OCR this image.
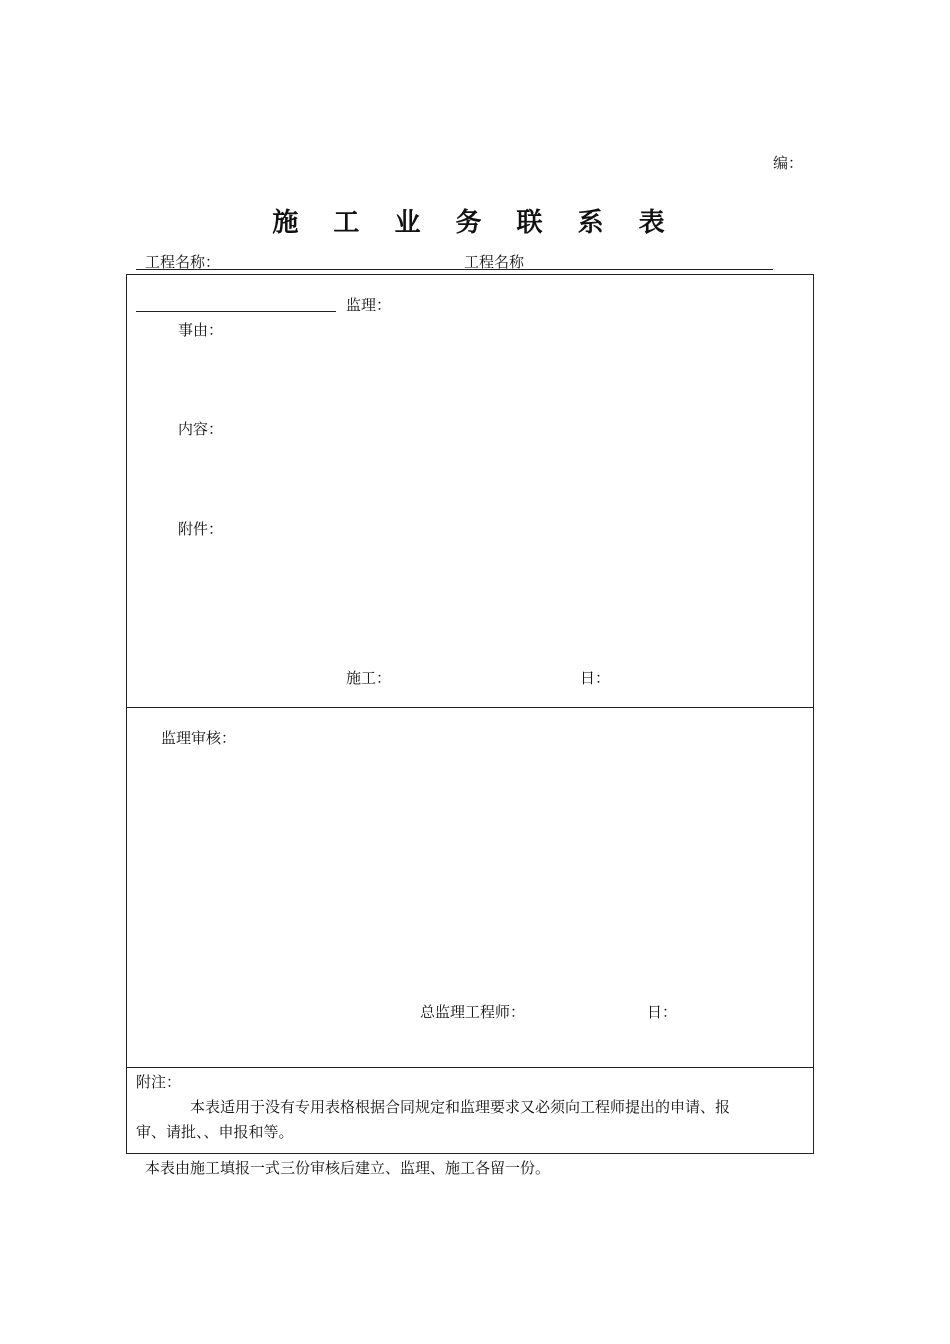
编：
施 工 业 务 联 系 表
工程名称：	工程名称
监理：
事由：
内容：
附件：
施工：	日：
监理审核：
总监理工程师：	日：
附注：
本表适用于没有专用表格根据合同规定和监理要求又必须向工程师提出的申请、报
审、请批、、申报和等。
本表由施工填报一式三份审核后建立、监理、施工各留一份。
